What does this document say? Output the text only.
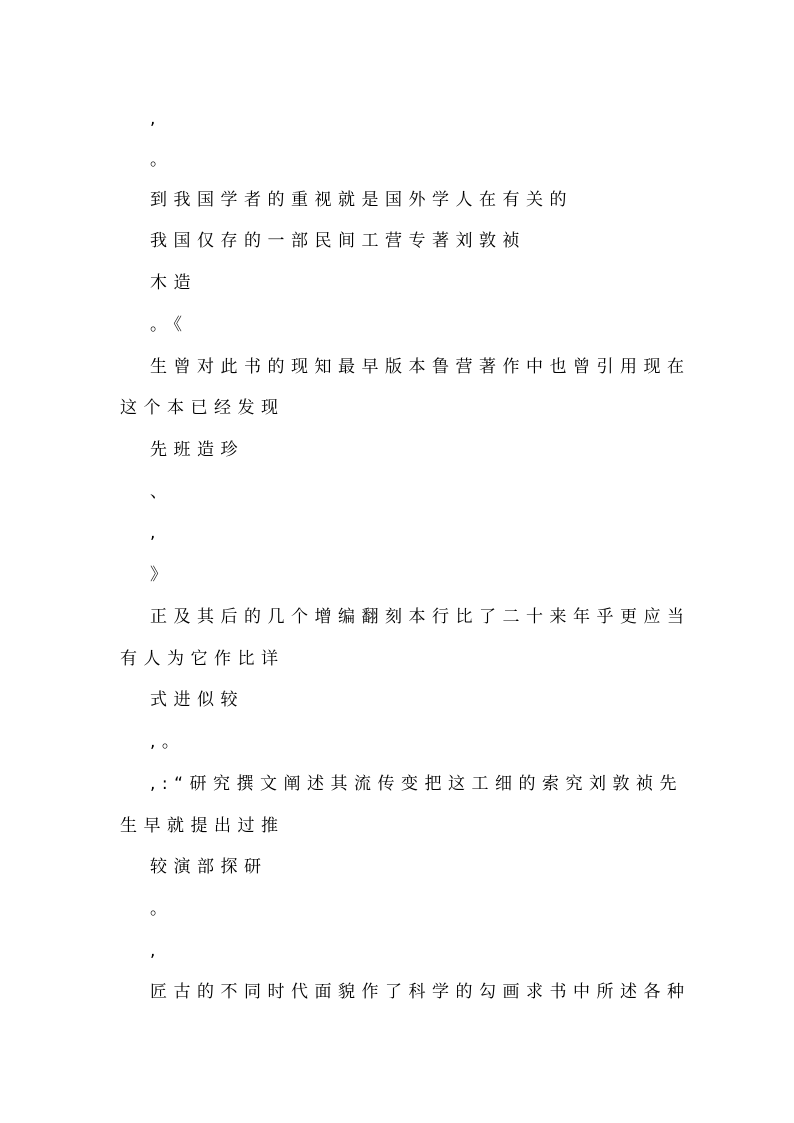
,
。
到我国学者的重视就是国外学人在有关的
我国仅存的一部民间工营专著刘敦祯
木造
。《
生曾对此书的现知最早版本鲁营著作中也曾引用现在
这个本已经发现
先班造珍
、
,
》
正及其后的几个增编翻刻本行比了二十来年乎更应当
有人为它作比详
式进似较
,。
,:“研究撰文阐述其流传变把这工细的索究刘敦祯先
生早就提出过推
较演部探研
。
,
匠古的不同时代面貌作了科学的勾画求书中所述各种
